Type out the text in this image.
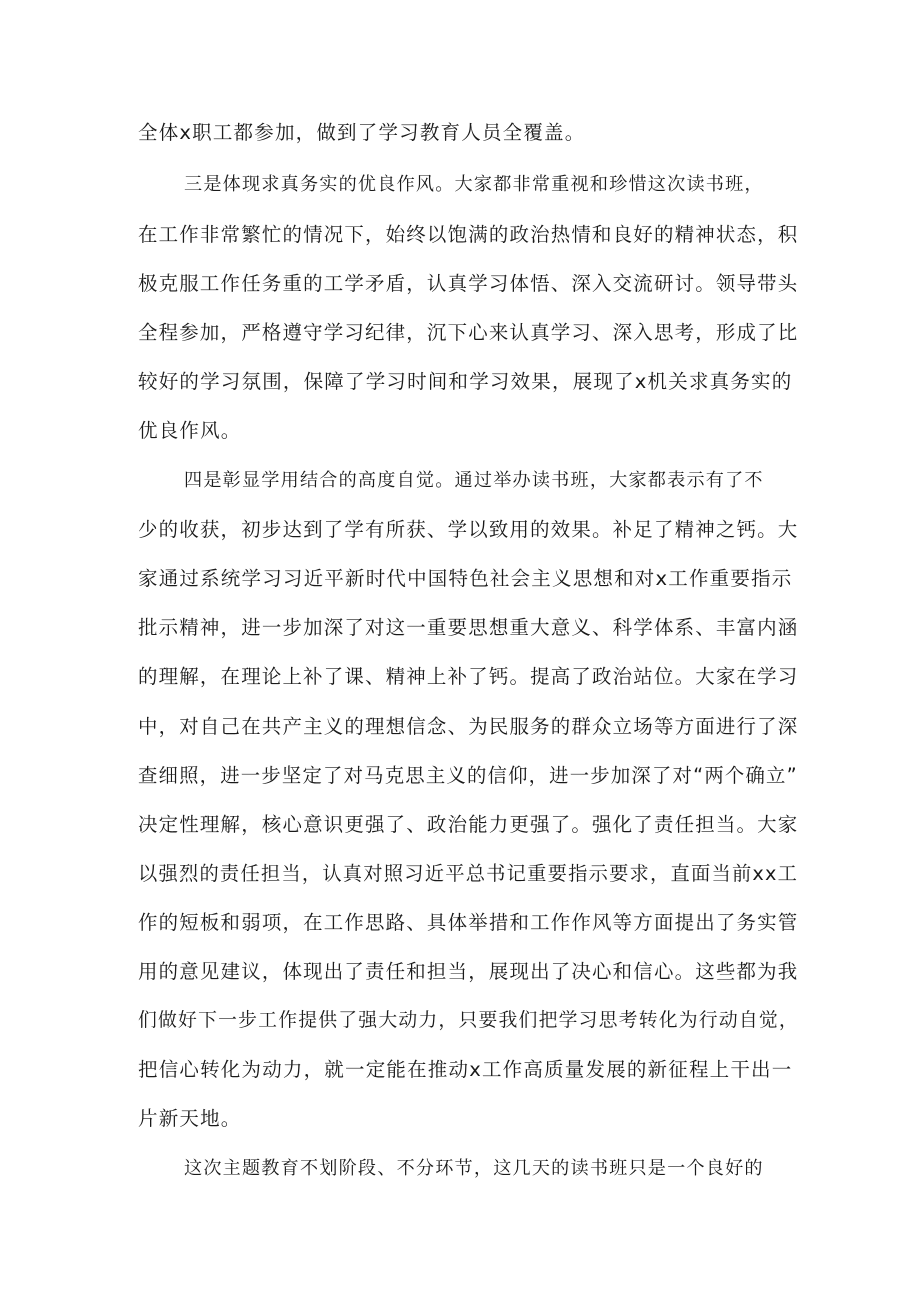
全体x职工都参加，做到了学习教育人员全覆盖。
三是体现求真务实的优良作风。大家都非常重视和珍惜这次读书班，
在工作非常繁忙的情况下，始终以饱满的政治热情和良好的精神状态，积
极克服工作任务重的工学矛盾，认真学习体悟、深入交流研讨。领导带头
全程参加，严格遵守学习纪律，沉下心来认真学习、深入思考，形成了比
较好的学习氛围，保障了学习时间和学习效果，展现了x机关求真务实的
优良作风。
四是彰显学用结合的高度自觉。通过举办读书班，大家都表示有了不
少的收获，初步达到了学有所获、学以致用的效果。补足了精神之钙。大
家通过系统学习习近平新时代中国特色社会主义思想和对x工作重要指示
批示精神，进一步加深了对这一重要思想重大意义、科学体系、丰富内涵
的理解，在理论上补了课、精神上补了钙。提高了政治站位。大家在学习
中，对自己在共产主义的理想信念、为民服务的群众立场等方面进行了深
查细照，进一步坚定了对马克思主义的信仰，进一步加深了对“两个确立”
决定性理解，核心意识更强了、政治能力更强了。强化了责任担当。大家
以强烈的责任担当，认真对照习近平总书记重要指示要求，直面当前xx工
作的短板和弱项，在工作思路、具体举措和工作作风等方面提出了务实管
用的意见建议，体现出了责任和担当，展现出了决心和信心。这些都为我
们做好下一步工作提供了强大动力，只要我们把学习思考转化为行动自觉，
把信心转化为动力，就一定能在推动x工作高质量发展的新征程上干出一
片新天地。
这次主题教育不划阶段、不分环节，这几天的读书班只是一个良好的
